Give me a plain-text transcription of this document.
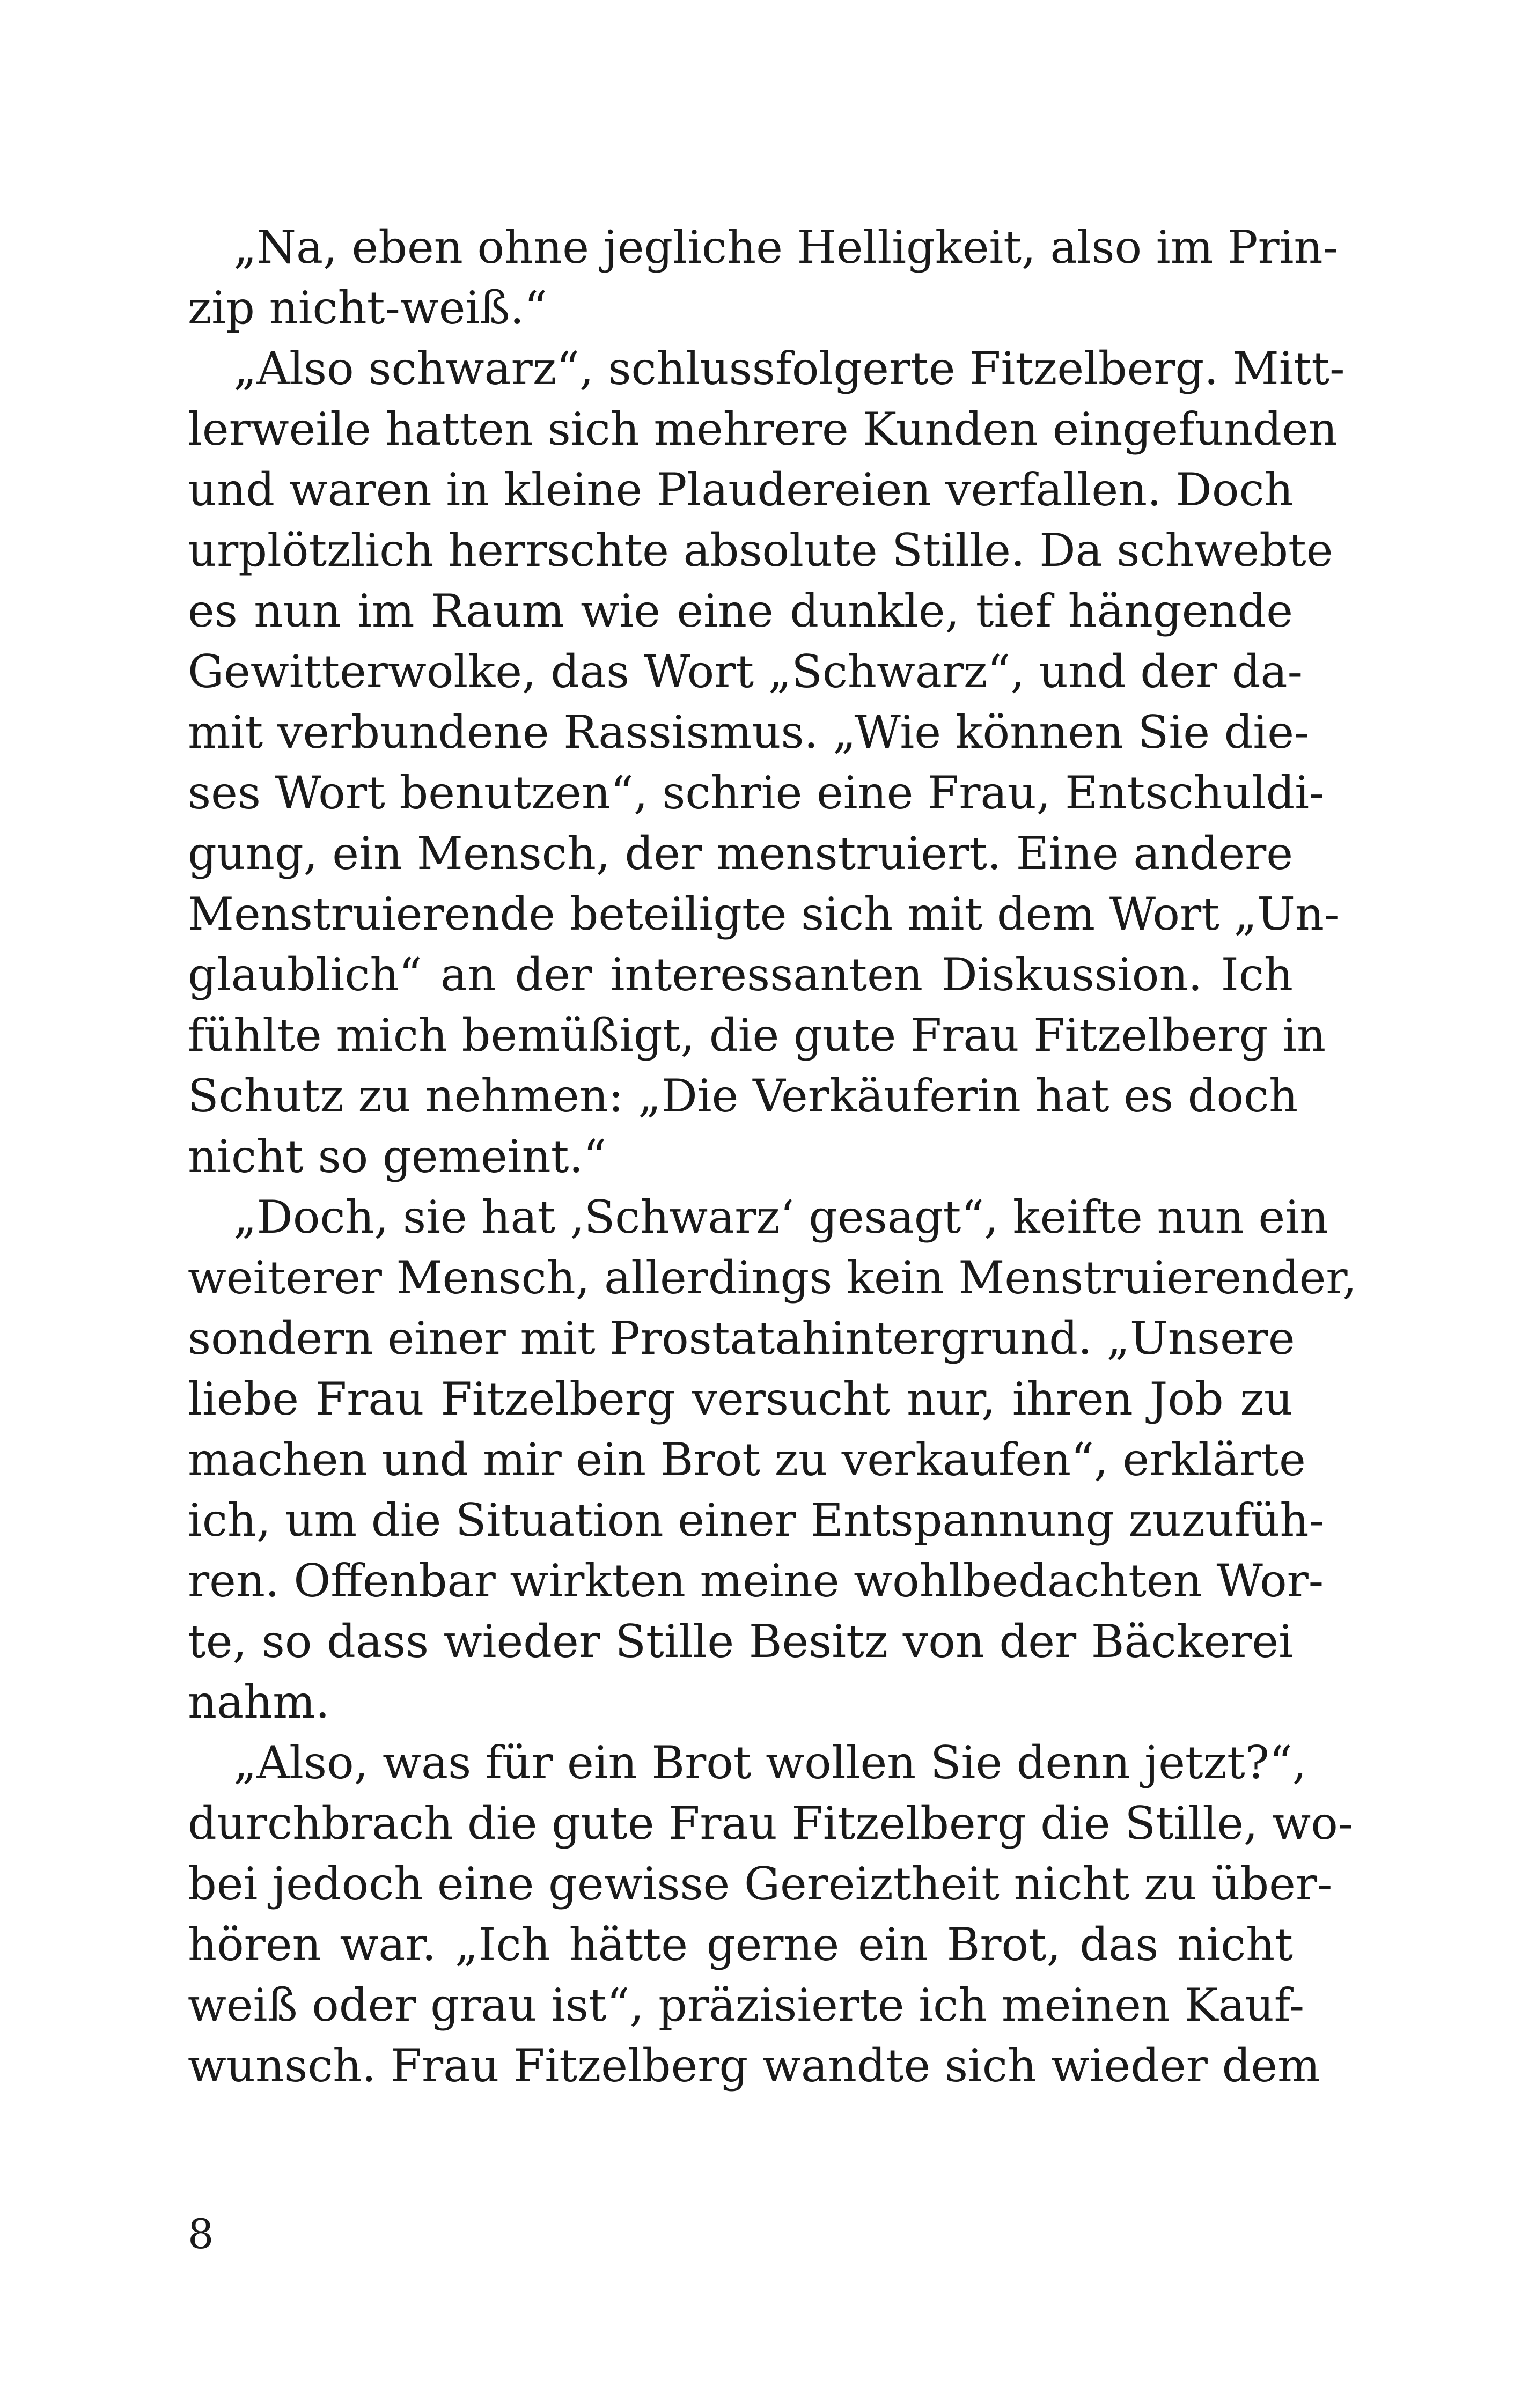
„Na, eben ohne jegliche Helligkeit, also im Prin-
zip nicht-weiß.“
„Also schwarz“, schlussfolgerte Fitzelberg. Mitt-
lerweile hatten sich mehrere Kunden eingefunden
und waren in kleine Plaudereien verfallen. Doch
urplötzlich herrschte absolute Stille. Da schwebte
es nun im Raum wie eine dunkle, tief hängende
Gewitterwolke, das Wort „Schwarz“, und der da-
mit verbundene Rassismus. „Wie können Sie die-
ses Wort benutzen“, schrie eine Frau, Entschuldi-
gung, ein Mensch, der menstruiert. Eine andere
Menstruierende beteiligte sich mit dem Wort „Un-
glaublich“ an der interessanten Diskussion. Ich
fühlte mich bemüßigt, die gute Frau Fitzelberg in
Schutz zu nehmen: „Die Verkäuferin hat es doch
nicht so gemeint.“
„Doch, sie hat ‚Schwarz‘ gesagt“, keifte nun ein
weiterer Mensch, allerdings kein Menstruierender,
sondern einer mit Prostatahintergrund. „Unsere
liebe Frau Fitzelberg versucht nur, ihren Job zu
machen und mir ein Brot zu verkaufen“, erklärte
ich, um die Situation einer Entspannung zuzufüh-
ren. Offenbar wirkten meine wohlbedachten Wor-
te, so dass wieder Stille Besitz von der Bäckerei
nahm.
„Also, was für ein Brot wollen Sie denn jetzt?“,
durchbrach die gute Frau Fitzelberg die Stille, wo-
bei jedoch eine gewisse Gereiztheit nicht zu über-
hören war. „Ich hätte gerne ein Brot, das nicht
weiß oder grau ist“, präzisierte ich meinen Kauf-
wunsch. Frau Fitzelberg wandte sich wieder dem
8
